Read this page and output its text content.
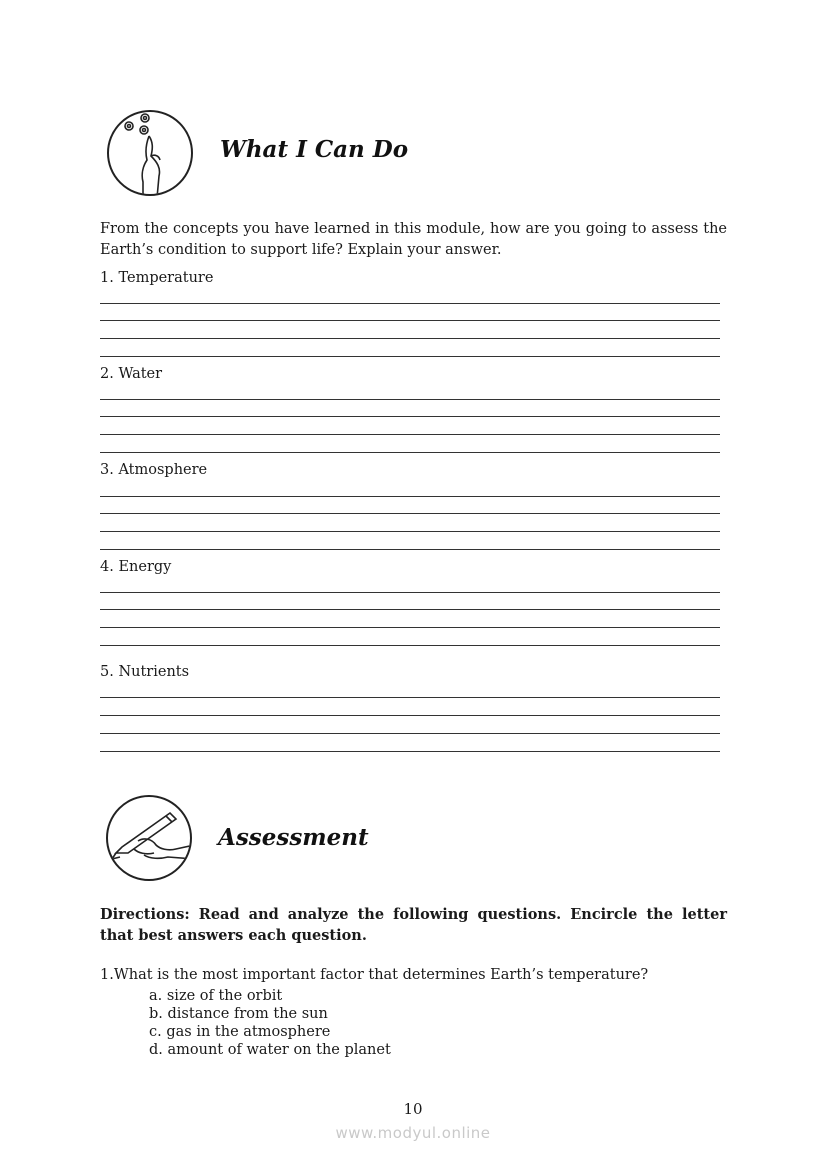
What I Can Do
From the concepts you have learned in this module, how are you going to assess the Earth’s condition to support life? Explain your answer.
1. Temperature
2. Water
3. Atmosphere
4. Energy
5. Nutrients
Assessment
Directions: Read and analyze the following questions. Encircle the letter that best answers each question.
1.What is the most important factor that determines Earth’s temperature?
a. size of the orbit
b. distance from the sun
c. gas in the atmosphere
d. amount of water on the planet
10
www.modyul.online
